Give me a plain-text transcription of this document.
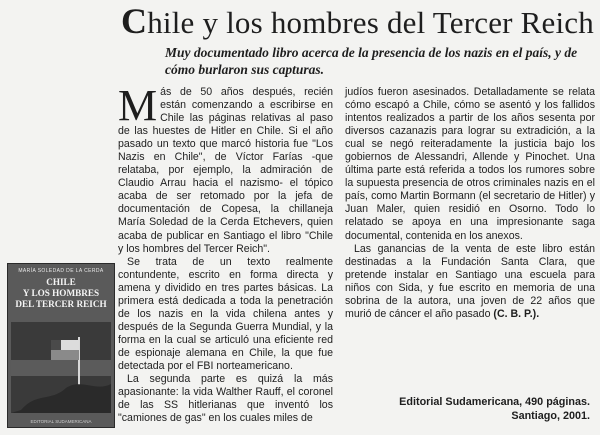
Chile y los hombres del Tercer Reich
Muy documentado libro acerca de la presencia de los nazis en el país, y de cómo burlaron sus capturas.
MARÍA SOLEDAD DE LA CERDA
CHILE
Y LOS HOMBRES
DEL TERCER REICH
EDITORIAL SUDAMERICANA

Más de 50 años después, recién están comenzando a escribirse en Chile las páginas relativas al paso de las huestes de Hitler en Chile. Si el año pasado un texto que marcó historia fue "Los Nazis en Chile", de Víctor Farías -que relataba, por ejemplo, la admiración de Claudio Arrau hacia el nazismo- el tópico acaba de ser retomado por la jefa de documentación de Copesa, la chillaneja María Soledad de la Cerda Etchevers, quien acaba de publicar en Santiago el libro "Chile y los hombres del Tercer Reich".

Se trata de un texto realmente contundente, escrito en forma directa y amena y dividido en tres partes básicas. La primera está dedicada a toda la penetración de los nazis en la vida chilena antes y después de la Segunda Guerra Mundial, y la forma en la cual se articuló una eficiente red de espionaje alemana en Chile, la que fue detectada por el FBI norteamericano.

La segunda parte es quizá la más apasionante: la vida Walther Rauff, el coronel de las SS hitlerianas que inventó los "camiones de gas" en los cuales miles de

judíos fueron asesinados. Detalladamente se relata cómo escapó a Chile, cómo se asentó y los fallidos intentos realizados a partir de los años sesenta por diversos cazanazis para lograr su extradición, a la cual se negó reiteradamente la justicia bajo los gobiernos de Alessandri, Allende y Pinochet. Una última parte está referida a todos los rumores sobre la supuesta presencia de otros criminales nazis en el país, como Martin Bormann (el secretario de Hitler) y Juan Maler, quien residió en Osorno. Todo lo relatado se apoya en una impresionante saga documental, contenida en los anexos.

Las ganancias de la venta de este libro están destinadas a la Fundación Santa Clara, que pretende instalar en Santiago una escuela para niños con Sida, y fue escrito en memoria de una sobrina de la autora, una joven de 22 años que murió de cáncer el año pasado (C. B. P.).

Editorial Sudamericana, 490 páginas.
Santiago, 2001.
